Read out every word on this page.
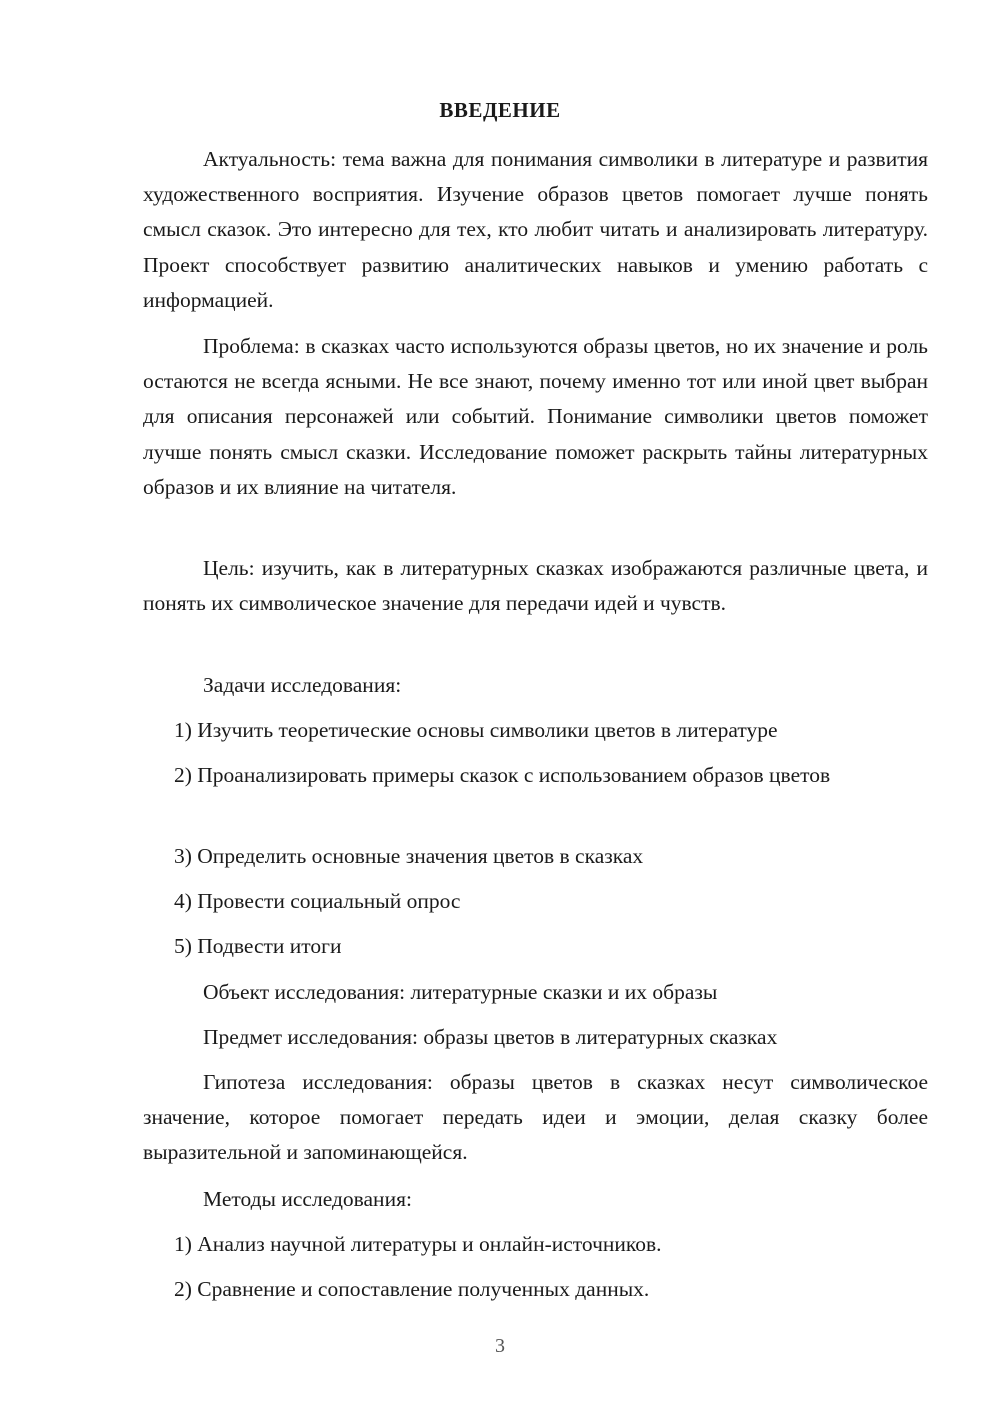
ВВЕДЕНИЕ

Актуальность: тема важна для понимания символики в литературе и развития художественного восприятия. Изучение образов цветов помогает лучше понять смысл сказок. Это интересно для тех, кто любит читать и анализировать литературу. Проект способствует развитию аналитических навыков и умению работать с информацией.

Проблема: в сказках часто используются образы цветов, но их значение и роль остаются не всегда ясными. Не все знают, почему именно тот или иной цвет выбран для описания персонажей или событий. Понимание символики цветов поможет лучше понять смысл сказки. Исследование поможет раскрыть тайны литературных образов и их влияние на читателя.

Цель: изучить, как в литературных сказках изображаются различные цвета, и понять их символическое значение для передачи идей и чувств.

Задачи исследования:

1) Изучить теоретические основы символики цветов в литературе

2) Проанализировать примеры сказок с использованием образов цветов

3) Определить основные значения цветов в сказках

4) Провести социальный опрос

5) Подвести итоги

Объект исследования: литературные сказки и их образы

Предмет исследования: образы цветов в литературных сказках

Гипотеза исследования: образы цветов в сказках несут символическое значение, которое помогает передать идеи и эмоции, делая сказку более выразительной и запоминающейся.

Методы исследования:

1) Анализ научной литературы и онлайн-источников.

2) Сравнение и сопоставление полученных данных.

3
